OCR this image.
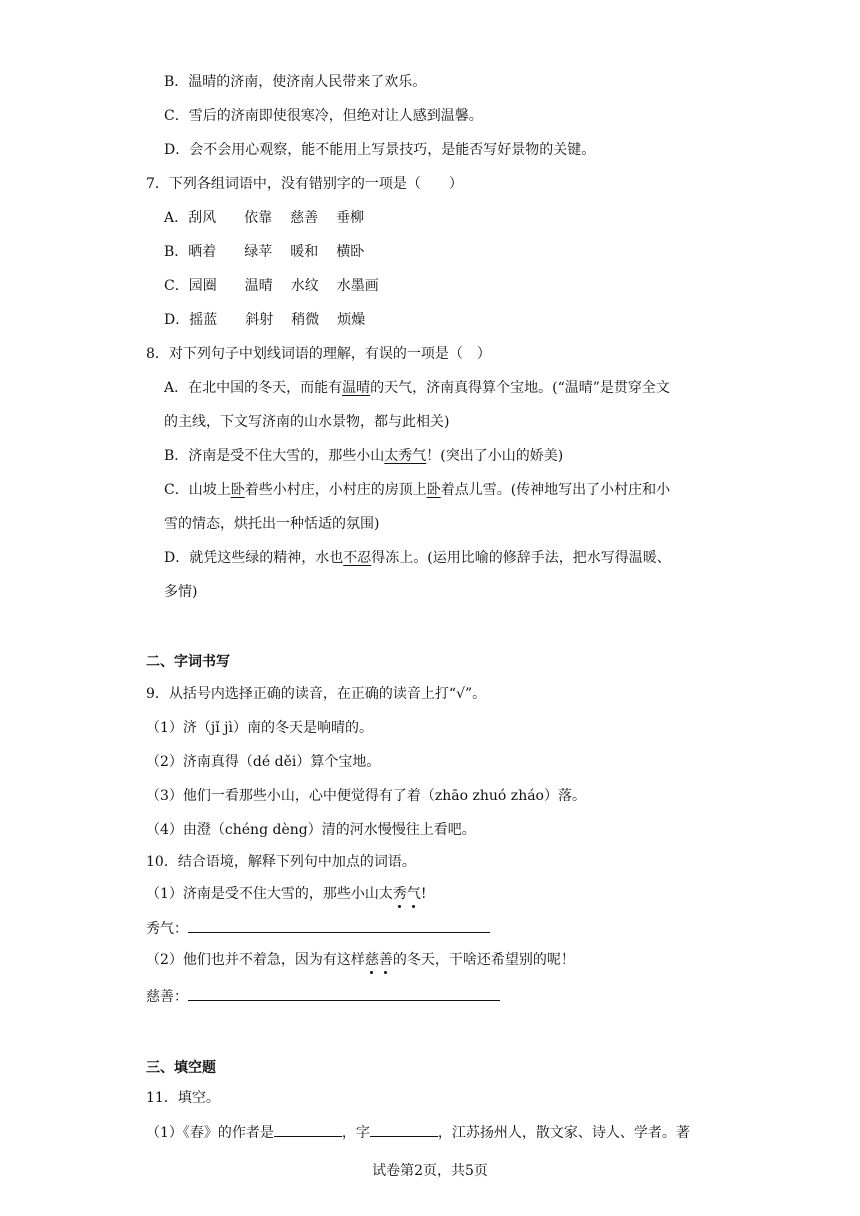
B．温晴的济南，使济南人民带来了欢乐。
C．雪后的济南即使很寒冷，但绝对让人感到温馨。
D．会不会用心观察，能不能用上写景技巧，是能否写好景物的关键。
7．下列各组词语中，没有错别字的一项是（　　）
A．刮风 依靠 慈善 垂柳
B．晒着 绿苹 暖和 横卧
C．园圈 温晴 水纹 水墨画
D．摇蓝 斜射 稍微 烦燥
8．对下列句子中划线词语的理解，有误的一项是（　）
A．在北中国的冬天，而能有温晴的天气，济南真得算个宝地。(“温晴”是贯穿全文
的主线，下文写济南的山水景物，都与此相关)
B．济南是受不住大雪的，那些小山太秀气！(突出了小山的娇美)
C．山坡上卧着些小村庄，小村庄的房顶上卧着点儿雪。(传神地写出了小村庄和小
雪的情态，烘托出一种恬适的氛围)
D．就凭这些绿的精神，水也不忍得冻上。(运用比喻的修辞手法，把水写得温暖、
多情)
二、字词书写
9．从括号内选择正确的读音，在正确的读音上打“√”。
（1）济（jǐ jì）南的冬天是响晴的。
（2）济南真得（dé děi）算个宝地。
（3）他们一看那些小山，心中便觉得有了着（zhāo zhuó zháo）落。
（4）由澄（chéng dèng）清的河水慢慢往上看吧。
10．结合语境，解释下列句中加点的词语。
（1）济南是受不住大雪的，那些小山太秀气!
秀气：
（2）他们也并不着急，因为有这样慈善的冬天，干啥还希望别的呢！
慈善：
三、填空题
11．填空。
（1）《春》的作者是	，字	，江苏扬州人，散文家、诗人、学者。著
试卷第2页，共5页
